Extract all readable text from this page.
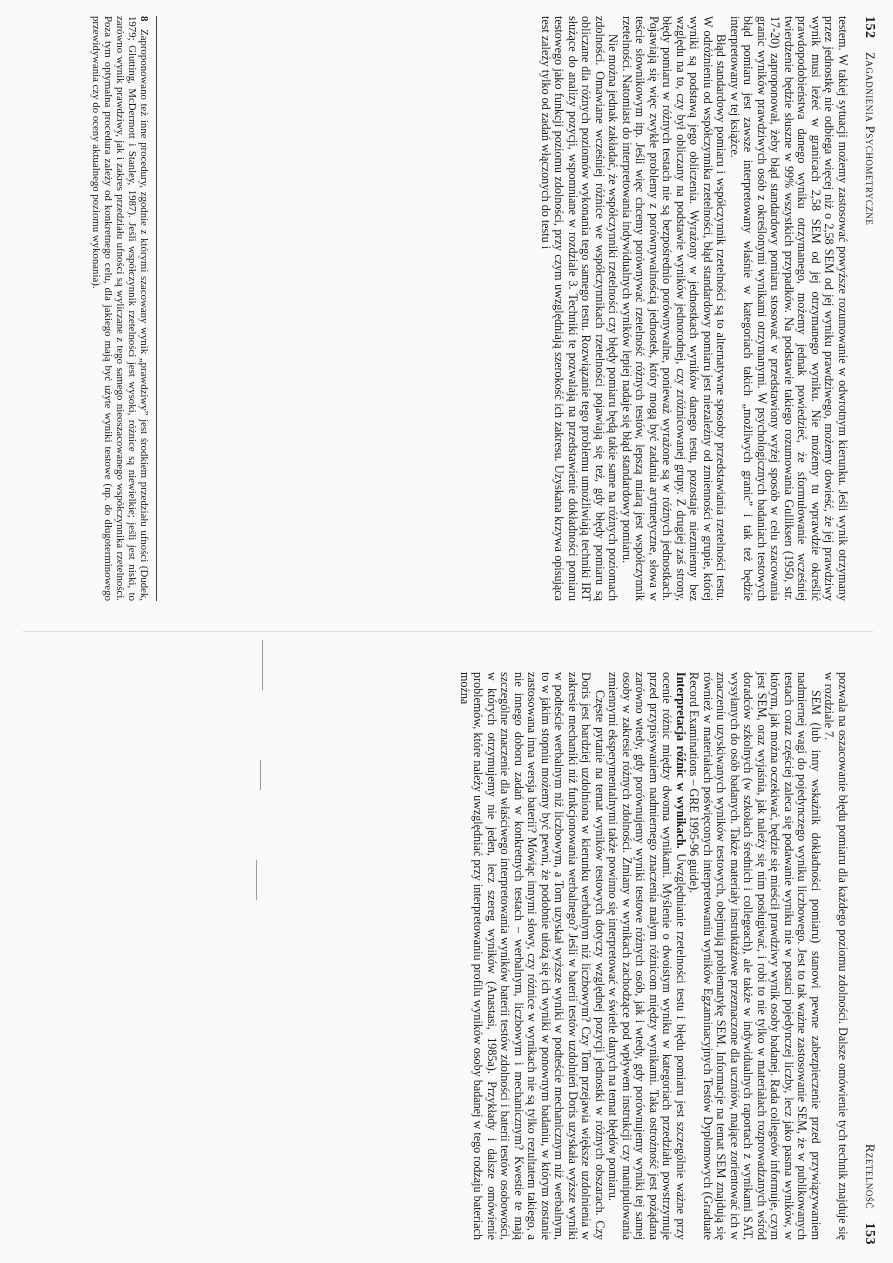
152 Zagadnienia Psychometryczne

testem. W takiej sytuacji możemy zastosować powyższe rozumowanie w odwrotnym kierunku. Jeśli wynik otrzymany przez jednostkę nie odbiega więcej niż o 2,58 SEM od jej wyniku prawdziwego, możemy dowieść, że jej prawdziwy wynik musi leżeć w granicach 2,58 SEM od jej otrzymanego wyniku. Nie możemy tu wprawdzie określić prawdopodobieństwa danego wyniku otrzymanego, możemy jednak powiedzieć, że sformułowanie wcześniej twierdzenie będzie słuszne w 99% wszystkich przypadków. Na podstawie takiego rozumowania Gulliksen (1950, str. 17-20) zaproponował, żeby błąd standardowy pomiaru stosować w przedstawiony wyżej sposób w celu szacowania granic wyników prawdziwych osób z określonymi wynikami otrzymanymi. W psychologicznych badaniach testowych błąd pomiaru jest zawsze interpretowany właśnie w kategoriach takich „możliwych granic” i tak też będzie interpretowany w tej książce.

Błąd standardowy pomiaru i współczynnik rzetelności są to alternatywne sposoby przedstawiania rzetelności testu. W odróżnieniu od współczynnika rzetelności, błąd standardowy pomiaru jest niezależny od zmienności w grupie, której wyniki są podstawą jego obliczenia. Wyrażony w jednostkach wyników danego testu, pozostaje niezmienny bez względu na to, czy był obliczany na podstawie wyników jednorodnej, czy zróżnicowanej grupy. Z drugiej zaś strony, błędy pomiaru w różnych testach nie są bezpośrednio porównywalne, ponieważ wyrażone są w różnych jednostkach. Pojawiają się więc zwykłe problemy z porównywalnością jednostek, który mogą być zadania arytmetyczne, słowa w teście słownikowym itp. Jeśli więc chcemy porównywać rzetelność różnych testów, lepszą miarą jest współczynnik rzetelności. Natomiast do interpretowania indywidualnych wyników lepiej nadaje się błąd standardowy pomiaru.

Nie można jednak zakładać, że współczynniki rzetelności czy błędy pomiaru będą takie same na różnych poziomach zdolności. Omawiane wcześniej różnice we współczynnikach rzetelności pojawiają się też, gdy błędy pomiaru są obliczane dla różnych poziomów wykonania tego samego testu. Rozwiązanie tego problemu umożliwiają techniki IRT służące do analizy pozycji, wspomniane w rozdziale 3. Techniki te pozwalają na przedstawienie dokładności pomiaru testowego jako funkcji poziomu zdolności, przy czym uwzględniają szerokość ich zakresu. Uzyskana krzywa opisująca test zależy tylko od zadań włączonych do testu i

8 Zaproponowano też inne procedury, zgodnie z którymi szacowany wynik „prawdziwy” jest środkiem przedziału ufności (Dudek, 1979; Glutting, McDermott i Stanley, 1987). Jeśli współczynnik rzetelności jest wysoki, różnice są niewielkie; jeśli jest niski, to zarówno wynik prawdziwy, jak i zakres przedziału ufności są wyliczane z tego samego nieoszacowanego współczynnika rzetelności. Poza tym optymalna procedura zależy od konkretnego celu, dla jakiego mają być użyte wyniki testowe (np. do długoterminowego przewidywania czy do oceny aktualnego poziomu wykonania).
Rzetelność 153

pozwala na oszacowanie błędu pomiaru dla każdego poziomu zdolności. Dalsze omówienie tych technik znajduje się w rozdziale 7.

SEM (lub inny wskaźnik dokładności pomiaru) stanowi pewne zabezpieczenie przed przywiązywaniem nadmiernej wagi do pojedynczego wyniku liczbowego. Jest to tak ważne zastosowanie SEM, że w publikowanych testach coraz częściej zaleca się podawanie wyniku nie w postaci pojedynczej liczby, lecz jako pasma wyników, w którym, jak można oczekiwać, będzie się mieścił prawdziwy wynik osoby badanej. Rada collegeów informuje, czym jest SEM, oraz wyjaśnia, jak należy się nim posługiwać, i robi to nie tylko w materiałach rozprowadzanych wśród doradców szkolnych (w szkołach średnich i collegeach), ale także w indywidualnych raportach z wynikami SAT, wysyłanych do osób badanych. Także materiały instruktażowe przeznaczone dla uczniów, mające zorientować ich w znaczeniu uzyskiwanych wyników testowych, obejmują problematykę SEM. Informacje na temat SEM znajdują się również w materiałach poświęconych interpretowaniu wyników Egzaminacyjnych Testów Dyplomowych (Graduate Record Examinations – GRE 1995-96 guide).

Interpretacja różnic w wynikach. Uwzględnianie rzetelności testu i błędu pomiaru jest szczególnie ważne przy ocenie różnic między dwoma wynikami. Myślenie o dwoistym wyniku w kategoriach przedziału powstrzymuje przed przypisywaniem nadmiernego znaczenia małym różnicom między wynikami. Taka ostrożność jest pożądana zarówno wtedy, gdy porównujemy wyniki testowe różnych osób, jak i wtedy, gdy porównujemy wyniki tej samej osoby w zakresie różnych zdolności. Zmiany w wynikach zachodzące pod wpływem instrukcji czy manipulowania zmiennymi eksperymentalnymi także powinno się interpretować w świetle danych na temat błędów pomiaru.

Częste pytanie na temat wyników testowych dotyczy względnej pozycji jednostki w różnych obszarach. Czy Doris jest bardziej uzdolniona w kierunku werbalnym niż liczbowym? Czy Tom przejawia większe uzdolnienia w zakresie mechaniki niż funkcjonowania werbalnego? Jeśli w baterii testów uzdolnień Doris uzyskała wyższe wyniki w podteście werbalnym niż liczbowym, a Tom uzyskał wyższe wyniki w podteście mechanicznym niż werbalnym, to w jakim stopniu możemy być pewni, że podobnie ułożą się ich wyniki w ponownym badaniu, w którym zostanie zastosowana inna wersja baterii? Mówiąc innymi słowy, czy różnice w wynikach nie są tylko rezultatem takiego, a nie innego doboru zadań w konkretnych testach – werbalnym, liczbowym i mechanicznym? Kwestie te mają szczególne znaczenie dla właściwego interpretowania wyników baterii testów zdolności i baterii testów osobowości, w których otrzymujemy nie jeden, lecz szereg wyników (Anastasi, 1985a). Przykłady i dalsze omówienie problemów, które należy uwzględniać przy interpretowaniu profilu wyników osoby badanej w tego rodzaju bateriach można
